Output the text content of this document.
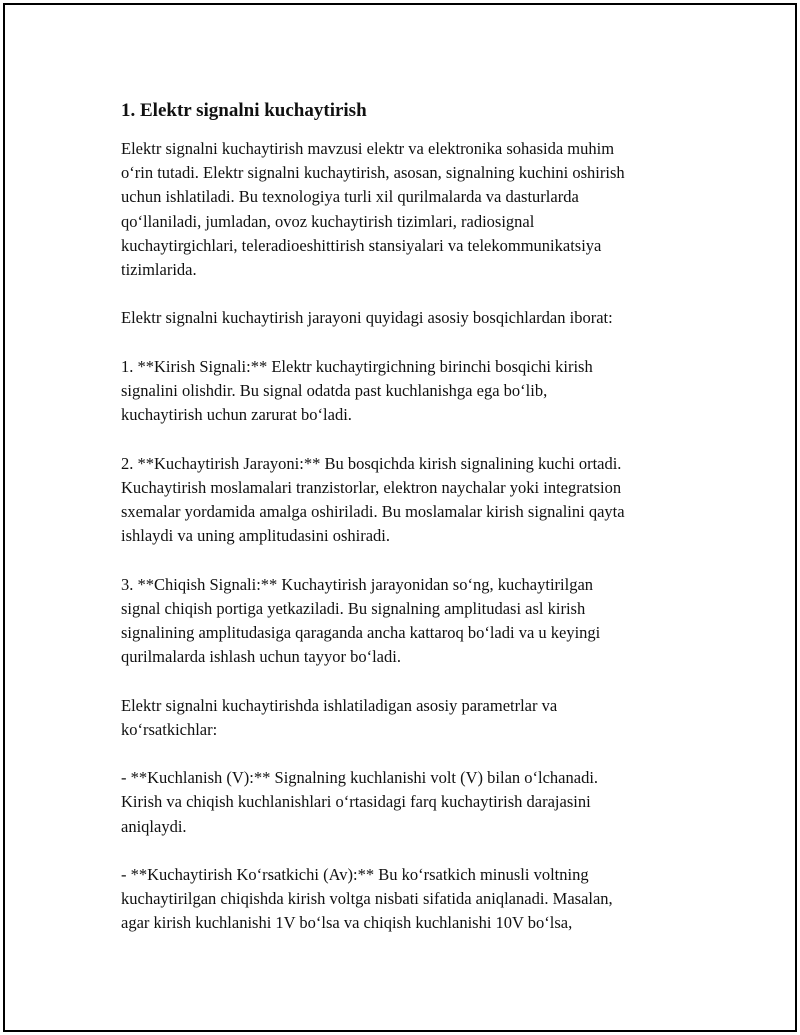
1. Elektr signalni kuchaytirish

Elektr signalni kuchaytirish mavzusi elektr va elektronika sohasida muhim
o‘rin tutadi. Elektr signalni kuchaytirish, asosan, signalning kuchini oshirish
uchun ishlatiladi. Bu texnologiya turli xil qurilmalarda va dasturlarda
qo‘llaniladi, jumladan, ovoz kuchaytirish tizimlari, radiosignal
kuchaytirgichlari, teleradioeshittirish stansiyalari va telekommunikatsiya
tizimlarida.

Elektr signalni kuchaytirish jarayoni quyidagi asosiy bosqichlardan iborat:

1. **Kirish Signali:** Elektr kuchaytirgichning birinchi bosqichi kirish
signalini olishdir. Bu signal odatda past kuchlanishga ega bo‘lib,
kuchaytirish uchun zarurat bo‘ladi.

2. **Kuchaytirish Jarayoni:** Bu bosqichda kirish signalining kuchi ortadi.
Kuchaytirish moslamalari tranzistorlar, elektron naychalar yoki integratsion
sxemalar yordamida amalga oshiriladi. Bu moslamalar kirish signalini qayta
ishlaydi va uning amplitudasini oshiradi.

3. **Chiqish Signali:** Kuchaytirish jarayonidan so‘ng, kuchaytirilgan
signal chiqish portiga yetkaziladi. Bu signalning amplitudasi asl kirish
signalining amplitudasiga qaraganda ancha kattaroq bo‘ladi va u keyingi
qurilmalarda ishlash uchun tayyor bo‘ladi.

Elektr signalni kuchaytirishda ishlatiladigan asosiy parametrlar va
ko‘rsatkichlar:

- **Kuchlanish (V):** Signalning kuchlanishi volt (V) bilan o‘lchanadi.
Kirish va chiqish kuchlanishlari o‘rtasidagi farq kuchaytirish darajasini
aniqlaydi.

- **Kuchaytirish Ko‘rsatkichi (Av):** Bu ko‘rsatkich minusli voltning
kuchaytirilgan chiqishda kirish voltga nisbati sifatida aniqlanadi. Masalan,
agar kirish kuchlanishi 1V bo‘lsa va chiqish kuchlanishi 10V bo‘lsa,
